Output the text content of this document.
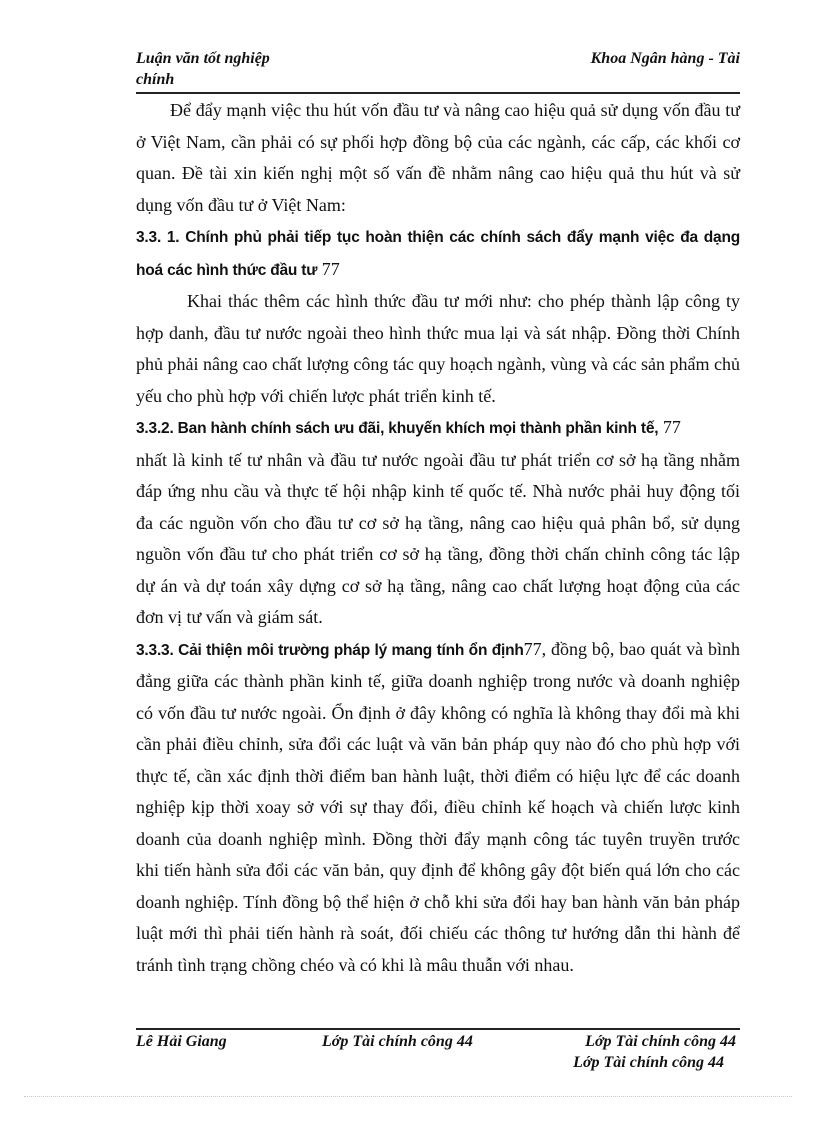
Luận văn tốt nghiệp
chính
Khoa Ngân hàng - Tài

Để đẩy mạnh việc thu hút vốn đầu tư và nâng cao hiệu quả sử dụng vốn đầu tư ở Việt Nam, cần phải có sự phối hợp đồng bộ của các ngành, các cấp, các khối cơ quan. Đề tài xin kiến nghị một số vấn đề nhằm nâng cao hiệu quả thu hút và sử dụng vốn đầu tư ở Việt Nam:

3.3. 1. Chính phủ phải tiếp tục hoàn thiện các chính sách đẩy mạnh việc đa dạng hoá các hình thức đầu tư 77

Khai thác thêm các hình thức đầu tư mới như: cho phép thành lập công ty hợp danh, đầu tư nước ngoài theo hình thức mua lại và sát nhập. Đồng thời Chính phủ phải nâng cao chất lượng công tác quy hoạch ngành, vùng và các sản phẩm chủ yếu cho phù hợp với chiến lược phát triển kinh tế.

3.3.2. Ban hành chính sách ưu đãi, khuyến khích mọi thành phần kinh tế, 77

nhất là kinh tế tư nhân và đầu tư nước ngoài đầu tư phát triển cơ sở hạ tầng nhằm đáp ứng nhu cầu và thực tế hội nhập kinh tế quốc tế. Nhà nước phải huy động tối đa các nguồn vốn cho đầu tư cơ sở hạ tầng, nâng cao hiệu quả phân bổ, sử dụng nguồn vốn đầu tư cho phát triển cơ sở hạ tầng, đồng thời chấn chỉnh công tác lập dự án và dự toán xây dựng cơ sở hạ tầng, nâng cao chất lượng hoạt động của các đơn vị tư vấn và giám sát.

3.3.3. Cải thiện môi trường pháp lý mang tính ổn định77, đồng bộ, bao quát và bình đẳng giữa các thành phần kinh tế, giữa doanh nghiệp trong nước và doanh nghiệp có vốn đầu tư nước ngoài. Ổn định ở đây không có nghĩa là không thay đổi mà khi cần phải điều chỉnh, sửa đổi các luật và văn bản pháp quy nào đó cho phù hợp với thực tế, cần xác định thời điểm ban hành luật, thời điểm có hiệu lực để các doanh nghiệp kịp thời xoay sở với sự thay đổi, điều chỉnh kế hoạch và chiến lược kinh doanh của doanh nghiệp mình. Đồng thời đẩy mạnh công tác tuyên truyền trước khi tiến hành sửa đổi các văn bản, quy định để không gây đột biến quá lớn cho các doanh nghiệp. Tính đồng bộ thể hiện ở chỗ khi sửa đổi hay ban hành văn bản pháp luật mới thì phải tiến hành rà soát, đối chiếu các thông tư hướng dẫn thi hành để tránh tình trạng chồng chéo và có khi là mâu thuẫn với nhau.

Lê Hải Giang	Lớp Tài chính công 44	Lớp Tài chính công 44
Lớp Tài chính công 44
